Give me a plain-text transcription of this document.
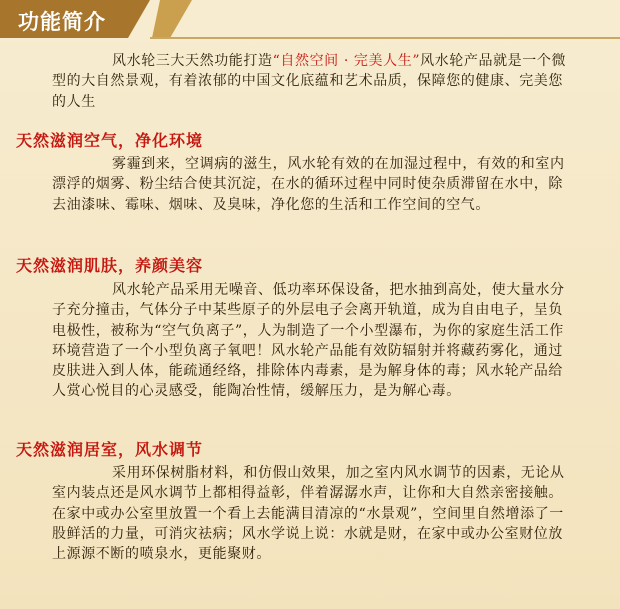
功能简介

风水轮三大天然功能打造“自然空间 · 完美人生”风水轮产品就是一个微型的大自然景观，有着浓郁的中国文化底蕴和艺术品质，保障您的健康、完美您的人生

天然滋润空气，净化环境

雾霾到来，空调病的滋生，风水轮有效的在加湿过程中，有效的和室内漂浮的烟雾、粉尘结合使其沉淀，在水的循环过程中同时使杂质滞留在水中，除去油漆味、霉味、烟味、及臭味，净化您的生活和工作空间的空气。

天然滋润肌肤，养颜美容

风水轮产品采用无噪音、低功率环保设备，把水抽到高处，使大量水分子充分撞击，气体分子中某些原子的外层电子会离开轨道，成为自由电子，呈负电极性，被称为“空气负离子”，人为制造了一个小型瀑布，为你的家庭生活工作环境营造了一个小型负离子氧吧！风水轮产品能有效防辐射并将藏药雾化，通过皮肤进入到人体，能疏通经络，排除体内毒素，是为解身体的毒；风水轮产品给人赏心悦目的心灵感受，能陶冶性情，缓解压力，是为解心毒。

天然滋润居室，风水调节

采用环保树脂材料，和仿假山效果，加之室内风水调节的因素，无论从室内装点还是风水调节上都相得益彰，伴着潺潺水声，让你和大自然亲密接触。在家中或办公室里放置一个看上去能满目清凉的“水景观”，空间里自然增添了一股鲜活的力量，可消灾祛病；风水学说上说：水就是财，在家中或办公室财位放上源源不断的喷泉水，更能聚财。
